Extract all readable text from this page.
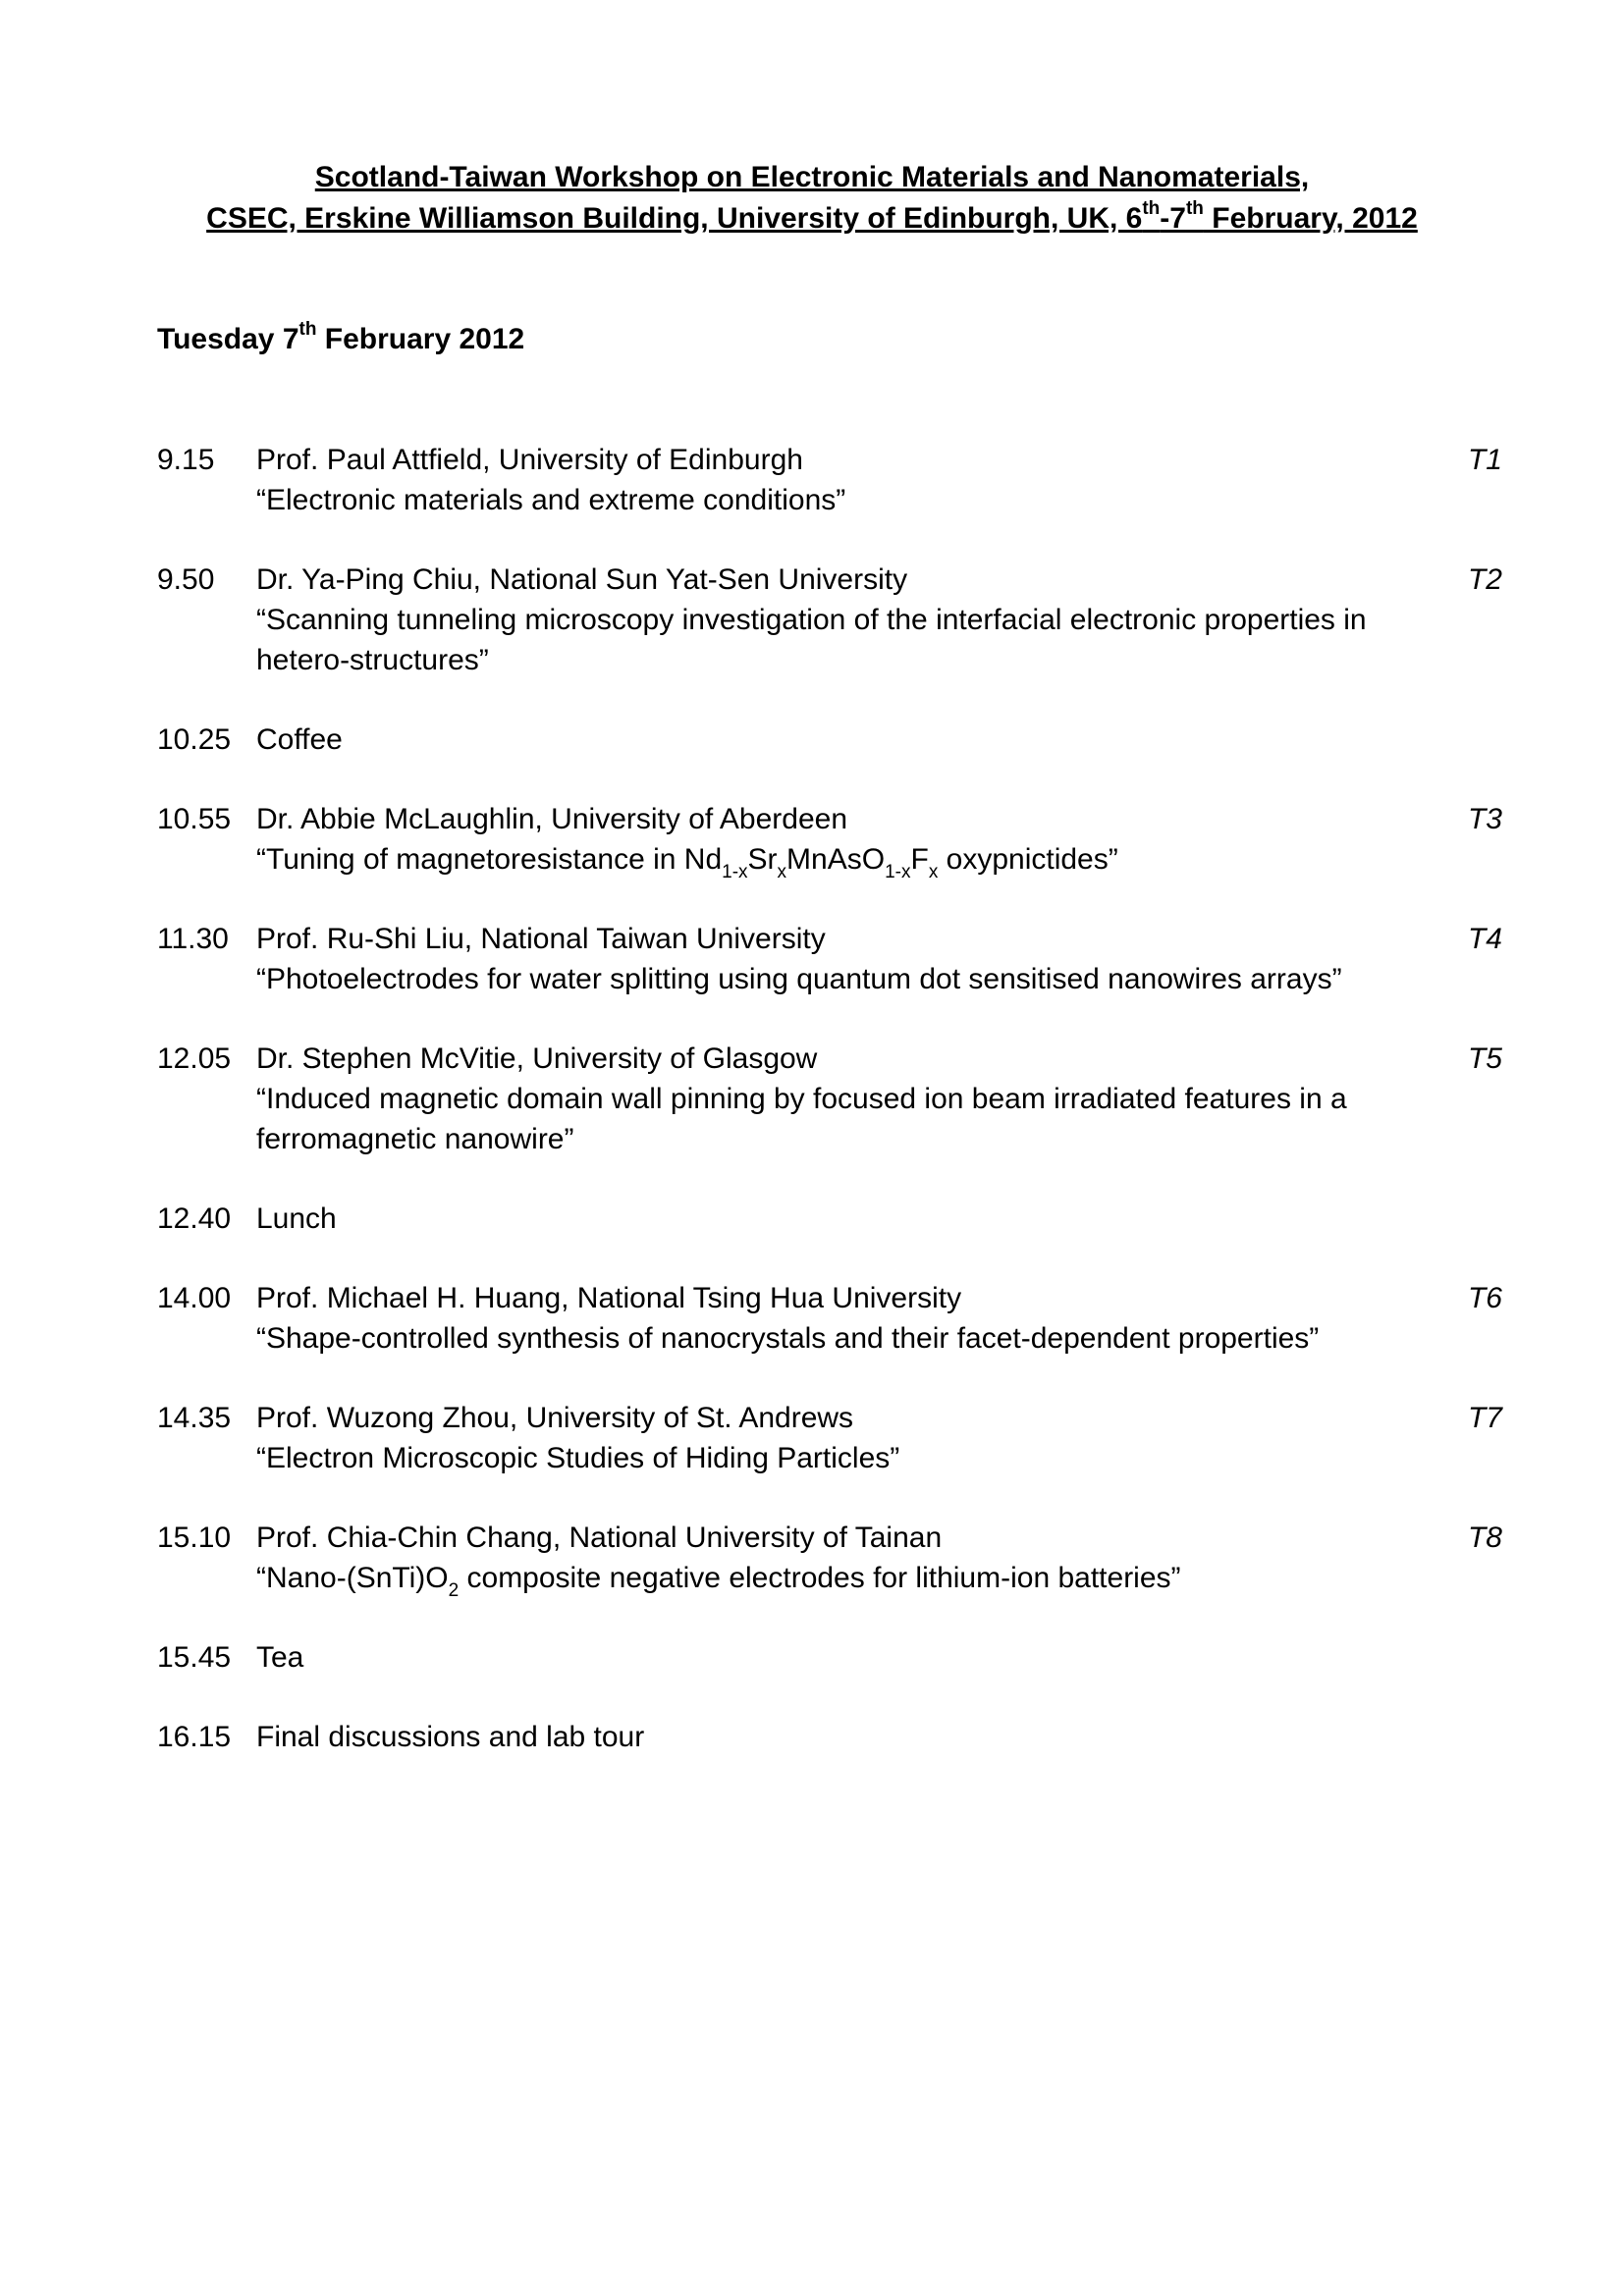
Scotland-Taiwan Workshop on Electronic Materials and Nanomaterials,
CSEC, Erskine Williamson Building, University of Edinburgh, UK, 6th-7th February, 2012
Tuesday 7th February 2012
9.15	Prof. Paul Attfield, University of Edinburgh
“Electronic materials and extreme conditions”
T1
9.50	Dr. Ya-Ping Chiu, National Sun Yat-Sen University
“Scanning tunneling microscopy investigation of the interfacial electronic properties in hetero-structures”
T2
10.25 Coffee
10.55 Dr. Abbie McLaughlin, University of Aberdeen
“Tuning of magnetoresistance in $Nd_{1-x}Sr_xMnAsO_{1-x}F_x$ oxypnictides”
T3
11.30 Prof. Ru-Shi Liu, National Taiwan University
“Photoelectrodes for water splitting using quantum dot sensitised nanowires arrays”
T4
12.05 Dr. Stephen McVitie, University of Glasgow
“Induced magnetic domain wall pinning by focused ion beam irradiated features in a ferromagnetic nanowire”
T5
12.40 Lunch
14.00 Prof. Michael H. Huang, National Tsing Hua University
“Shape-controlled synthesis of nanocrystals and their facet-dependent properties”
T6
14.35 Prof. Wuzong Zhou, University of St. Andrews
“Electron Microscopic Studies of Hiding Particles”
T7
15.10 Prof. Chia-Chin Chang, National University of Tainan
“$Nano-(SnTi)O_2$ composite negative electrodes for lithium-ion batteries”
T8
15.45 Tea
16.15 Final discussions and lab tour
